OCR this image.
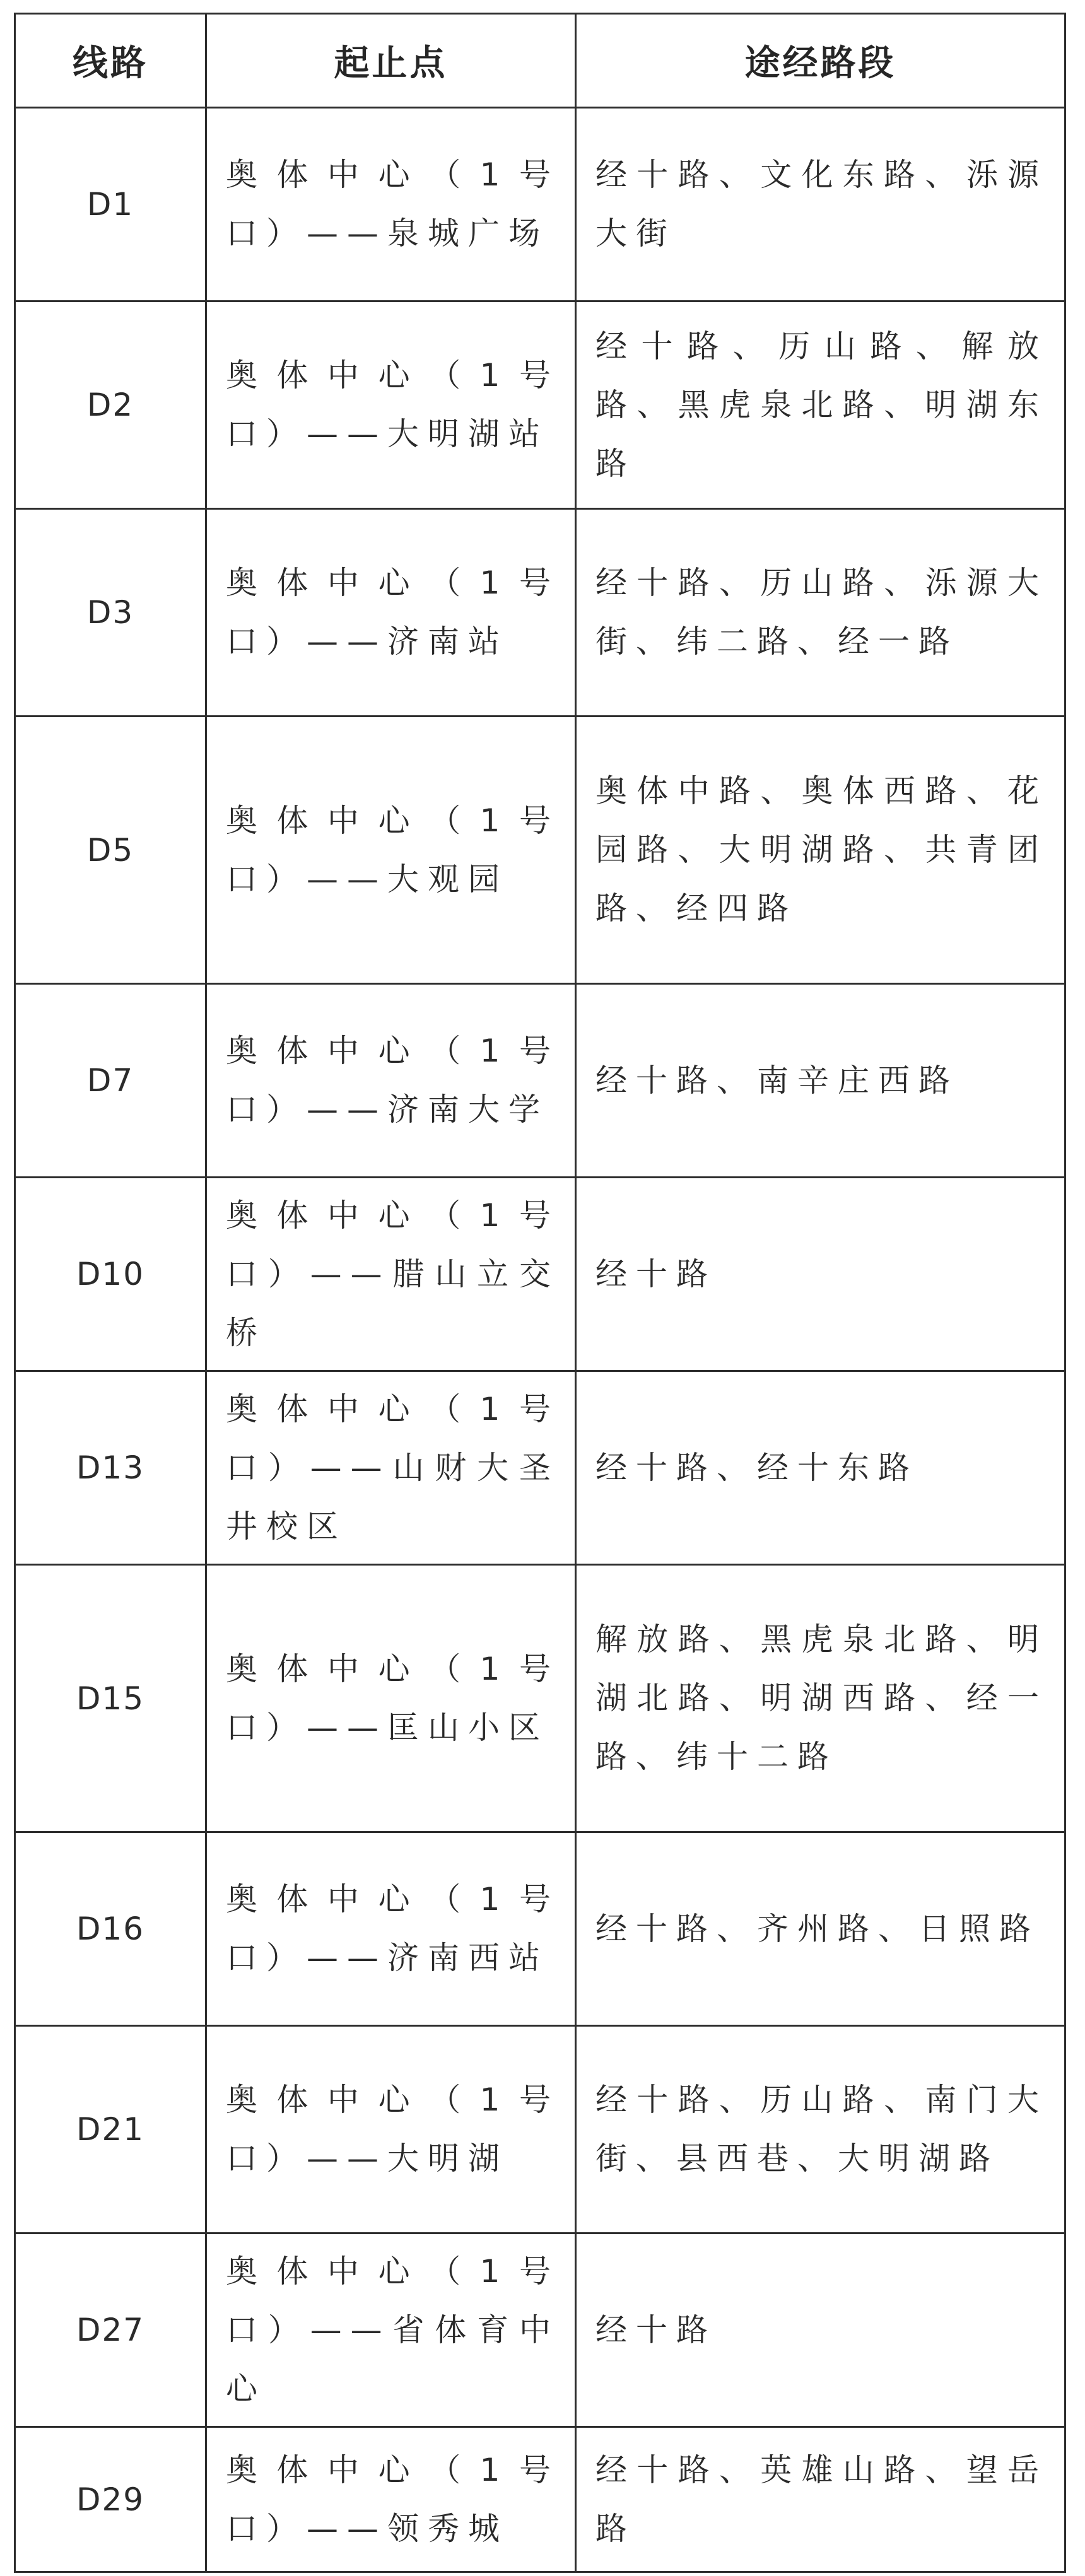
线路	起止点	途经路段
D1	奥体中心（1号口）——泉城广场	经十路、文化东路、泺源大街

D2	奥体中心（1号口）——大明湖站	经十路、历山路、解放路、黑虎泉北路、明湖东路

D3	奥体中心（1号口）——济南站	经十路、历山路、泺源大街、纬二路、经一路

D5	奥体中心（1号口）——大观园	奥体中路、奥体西路、花园路、大明湖路、共青团路、经四路

D7	奥体中心（1号口）——济南大学	经十路、南辛庄西路

D10	奥体中心（1号口）——腊山立交桥	经十路

D13	奥体中心（1号口）——山财大圣井校区	经十路、经十东路

D15	奥体中心（1号口）——匡山小区	解放路、黑虎泉北路、明湖北路、明湖西路、经一路、纬十二路

D16	奥体中心（1号口）——济南西站	经十路、齐州路、日照路

D21	奥体中心（1号口）——大明湖	经十路、历山路、南门大街、县西巷、大明湖路

D27	奥体中心（1号口）——省体育中心	经十路

D29	奥体中心（1号口）——领秀城	经十路、英雄山路、望岳路
